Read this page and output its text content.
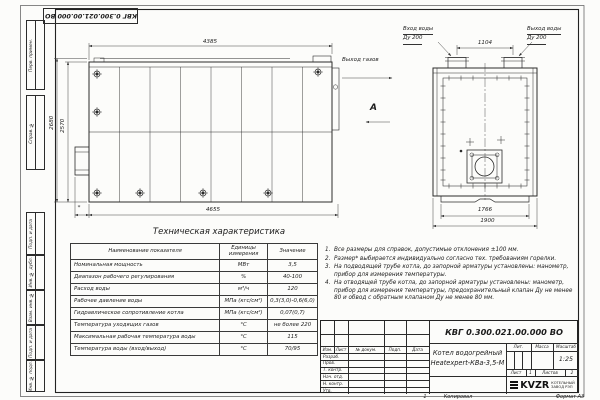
Перв. примен.
Справ. №
Подп. и дата
Инв. № дубл.
Взам. инв. №
Подп. и дата
Инв. № подл.
КВГ 0.300.021.00.000 ВО
4385
4655
*
2680 2570
Выход газов
А
1104
1766
1900
Вход воды
Ду 200
Выход воды
Ду 200
Техническая характеристика
Наименование показателя	Единицы измерения	Значение
Номинальная мощность	МВт	3,5
Диапазон рабочего регулирования	%	40-100
Расход воды	м³/ч	120
Рабочее давление воды	МПа (кгс/см²)	0,3(3,0)-0,6(6,0)
Гидравлическое сопротивление котла	МПа (кгс/см²)	0,07(0,7)
Температура уходящих газов	°С	не более 220
Максимальная рабочая температура воды	°С	115
Температура воды (вход/выход)	°С	70/95
1. Все размеры для справок, допустимые отклонения ±100 мм.
2. Размер* выбирается индивидуально согласно тех. требованиям горелки.
3. На подводящей трубе котла, до запорной арматуры установлены: манометр, прибор для измерения температуры.
4. На отводящей трубе котла, до запорной арматуры установлены: манометр, прибор для измерения температуры, предохранительный клапан Ду не менее 80 и обвод с обратным клапаном Ду не менее 80 мм.
Изм. Лист	№ докум.	Подп.	Дата
Разраб.
Пров.
Т. контр.
Нач. отд.
Н. контр.
Утв.
КВГ 0.300.021.00.000 ВО
Котел водогрейный
Heatexpert-КВа-3,5-М
Лит.	Масса	Масштаб
1:25
Лист	1	Листов	2
KVZR КОТЕЛЬНЫЙ
ЗАВОД РЭП
1	Копировал	Формат А3
